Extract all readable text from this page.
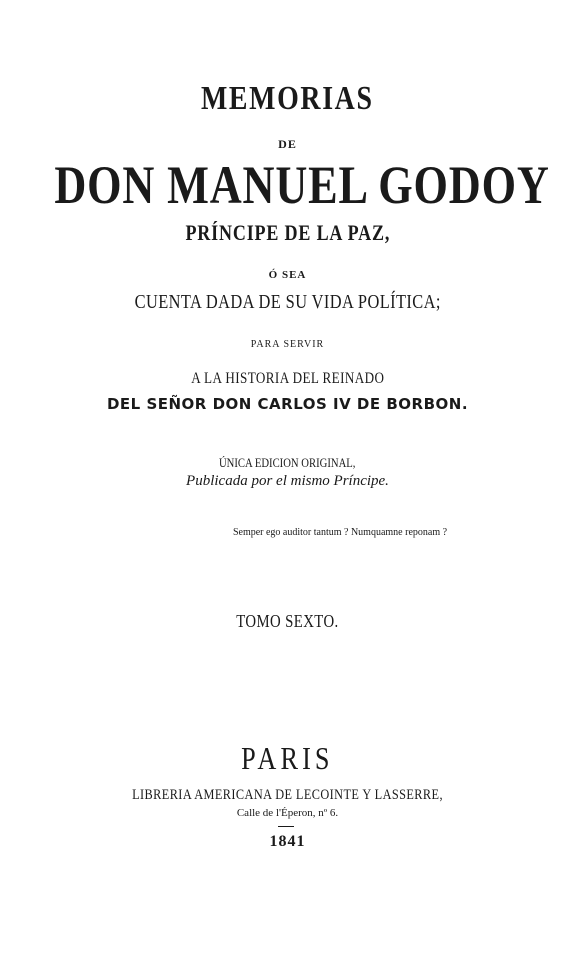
MEMORIAS
DE
DON MANUEL GODOY
PRÍNCIPE DE LA PAZ,
Ó SEA
CUENTA DADA DE SU VIDA POLÍTICA;
PARA SERVIR
A LA HISTORIA DEL REINADO
DEL SEÑOR DON CARLOS IV DE BORBON.
ÚNICA EDICION ORIGINAL,
Publicada por el mismo Príncipe.
Semper ego auditor tantum ? Numquamne reponam ?
TOMO SEXTO.
PARIS
LIBRERIA AMERICANA DE LECOINTE Y LASSERRE,
Calle de l'Éperon, nº 6.
1841
